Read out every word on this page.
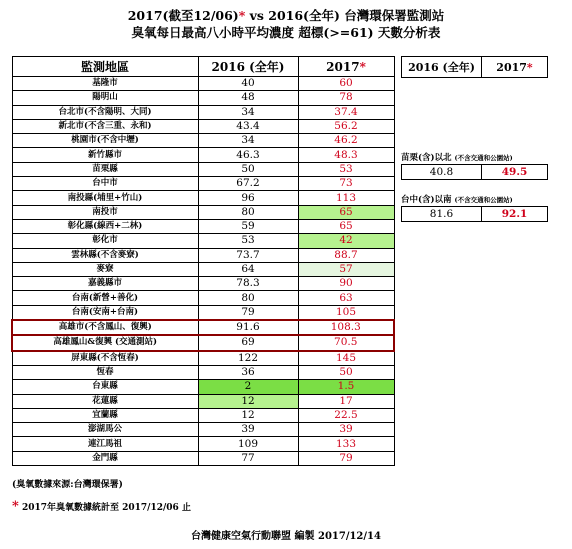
2017(截至12/06)* vs 2016(全年) 台灣環保署監測站
臭氧每日最高八小時平均濃度 超標(>=61) 天數分析表
監測地區	2016 (全年)	2017*
基隆市	40	60
陽明山	48	78
台北市(不含陽明、大同)	34	37.4
新北市(不含三重、永和)	43.4	56.2
桃園市(不含中壢)	34	46.2
新竹縣市	46.3	48.3
苗栗縣	50	53
台中市	67.2	73
南投縣(埔里+竹山)	96	113
南投市	80	65
彰化縣(線西+二林)	59	65
彰化市	53	42
雲林縣(不含麥寮)	73.7	88.7
麥寮	64	57
嘉義縣市	78.3	90
台南(新營+善化)	80	63
台南(安南+台南)	79	105
高雄市(不含鳳山、復興)	91.6	108.3
高雄鳳山&復興 (交通測站)	69	70.5
屏東縣(不含恆春)	122	145
恆春	36	50
台東縣	2	1.5
花蓮縣	12	17
宜蘭縣	12	22.5
澎湖馬公	39	39
連江馬祖	109	133
金門縣	77	79
2016 (全年)	2017*
苗栗(含)以北 (不含交通和公園站)
40.8	49.5
台中(含)以南 (不含交通和公園站)
81.6	92.1
(臭氧數據來源:台灣環保署)
* 2017年臭氧數據統計至 2017/12/06 止
台灣健康空氣行動聯盟 編製 2017/12/14
